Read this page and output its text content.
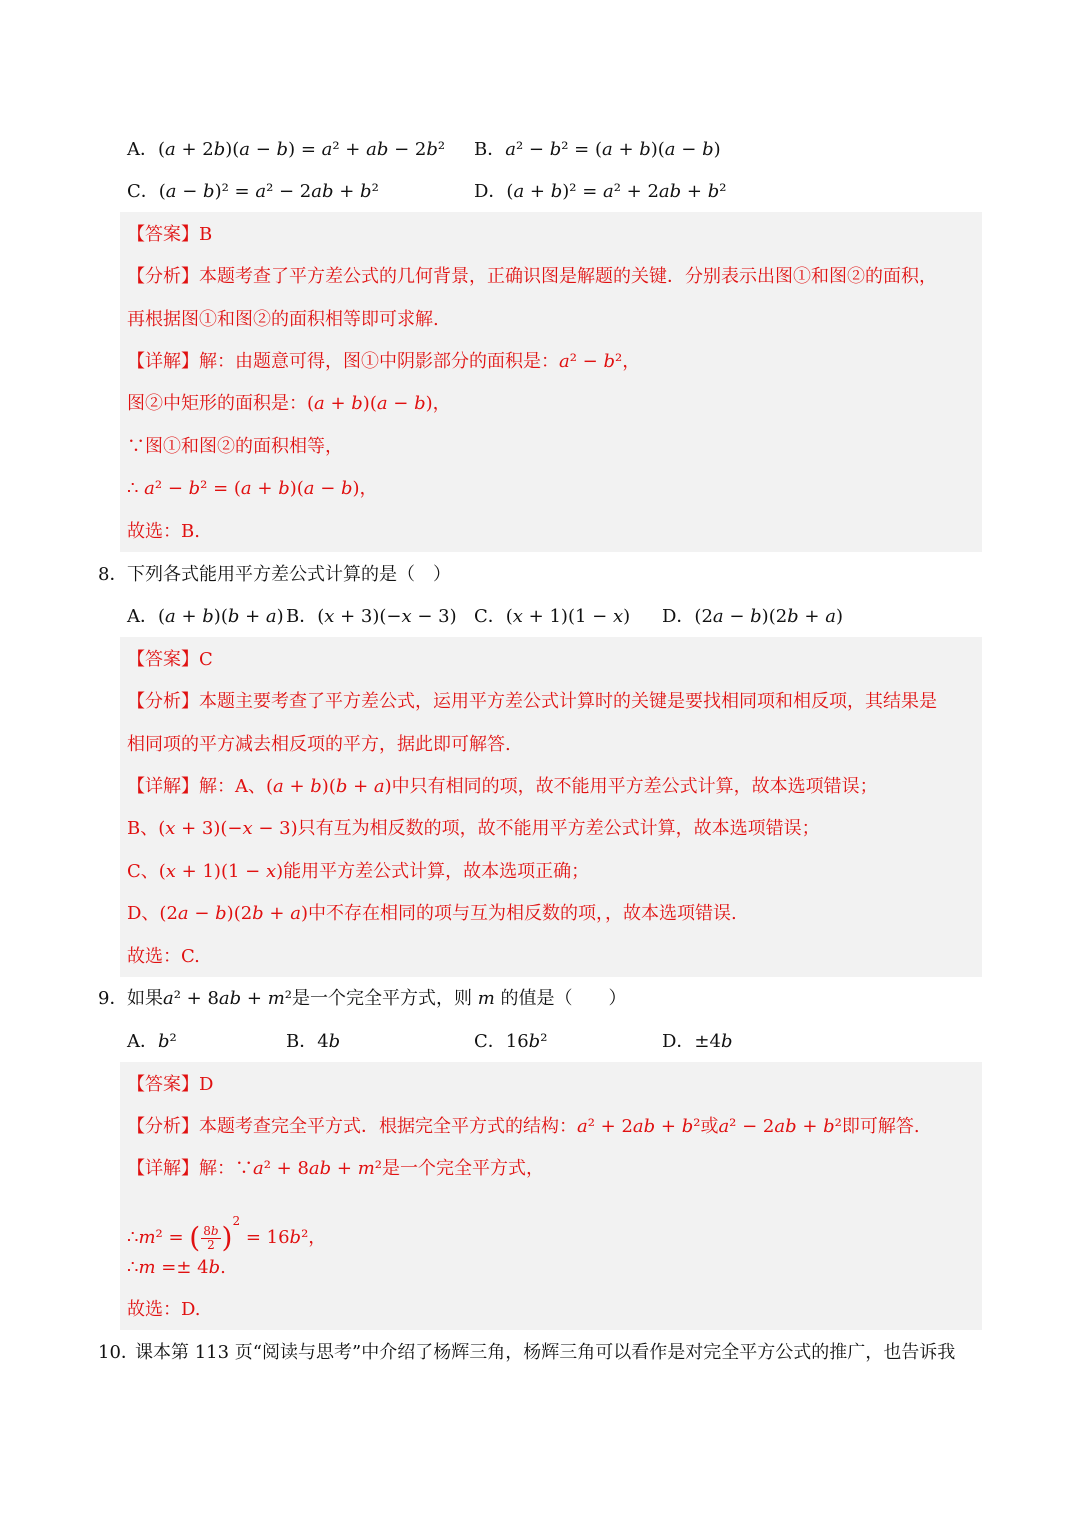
A．(𝑎 + 2𝑏)(𝑎 − 𝑏) = 𝑎² + 𝑎𝑏 − 2𝑏² B．𝑎² − 𝑏² = (𝑎 + 𝑏)(𝑎 − 𝑏)
C．(𝑎 − 𝑏)² = 𝑎² − 2𝑎𝑏 + 𝑏²	D．(𝑎 + 𝑏)² = 𝑎² + 2𝑎𝑏 + 𝑏²
【答案】B
【分析】本题考查了平方差公式的几何背景，正确识图是解题的关键．分别表示出图①和图②的面积，
再根据图①和图②的面积相等即可求解.
【详解】解：由题意可得，图①中阴影部分的面积是：𝑎² − 𝑏²，
图②中矩形的面积是：(𝑎 + 𝑏)(𝑎 − 𝑏)，
∵图①和图②的面积相等，
∴ 𝑎² − 𝑏² = (𝑎 + 𝑏)(𝑎 − 𝑏)，
故选：B.
8． 下列各式能用平方差公式计算的是（　）
A．(𝑎 + 𝑏)(𝑏 + 𝑎) B．(𝑥 + 3)(−𝑥 − 3) C．(𝑥 + 1)(1 − 𝑥) D．(2𝑎 − 𝑏)(2𝑏 + 𝑎)
【答案】C
【分析】本题主要考查了平方差公式，运用平方差公式计算时的关键是要找相同项和相反项，其结果是
相同项的平方减去相反项的平方，据此即可解答.
【详解】解：A、(𝑎 + 𝑏)(𝑏 + 𝑎)中只有相同的项，故不能用平方差公式计算，故本选项错误；
B、(𝑥 + 3)(−𝑥 − 3)只有互为相反数的项，故不能用平方差公式计算，故本选项错误；
C、(𝑥 + 1)(1 − 𝑥)能用平方差公式计算，故本选项正确；
D、(2𝑎 − 𝑏)(2𝑏 + 𝑎)中不存在相同的项与互为相反数的项，，故本选项错误.
故选：C.
9． 如果𝑎² + 8𝑎𝑏 + 𝑚²是一个完全平方式，则 𝑚 的值是（　　）
A．𝑏²	B．4𝑏	C．16𝑏²	D．±4𝑏
【答案】D
【分析】本题考查完全平方式．根据完全平方式的结构：𝑎² + 2𝑎𝑏 + 𝑏²或𝑎² − 2𝑎𝑏 + 𝑏²即可解答.
【详解】解：∵𝑎² + 8𝑎𝑏 + 𝑚²是一个完全平方式，
∴𝑚² = ( $\frac{\text{8𝑏}}{2} )^2$ = 16𝑏²，
∴𝑚 =± 4𝑏.
故选：D.
10．
课本第 113 页“阅读与思考”中介绍了杨辉三角，杨辉三角可以看作是对完全平方公式的推广，也告诉我
